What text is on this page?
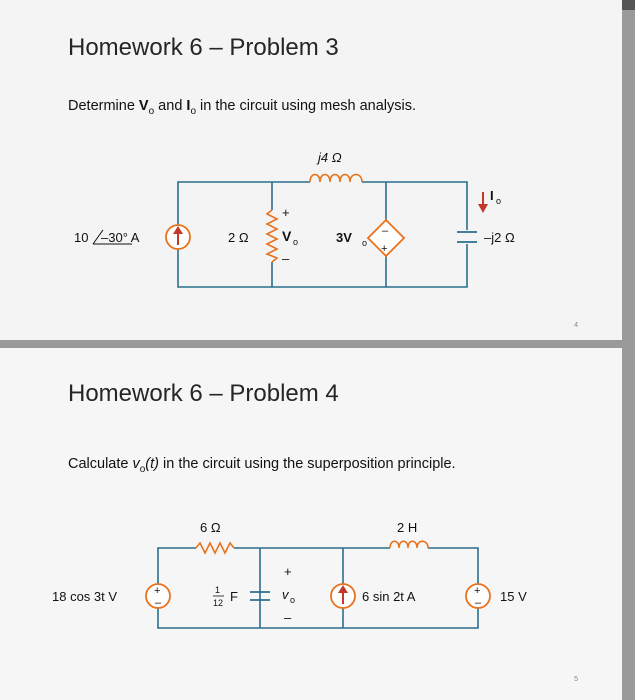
Homework 6 – Problem 3
Determine $V_o$ and $I_o$ in the circuit using mesh analysis.
10 –30° A	2 Ω
+
V o
–
j4 Ω
–
+
3V o	–j2 Ω
I o
4
Homework 6 – Problem 4
Calculate $v_o(t)$ in the circuit using the superposition principle.
+
–
18 cos 3t V
6 Ω
1
12 F
+
v o
–
6 sin 2t A
2 H
+
– 15 V
5
